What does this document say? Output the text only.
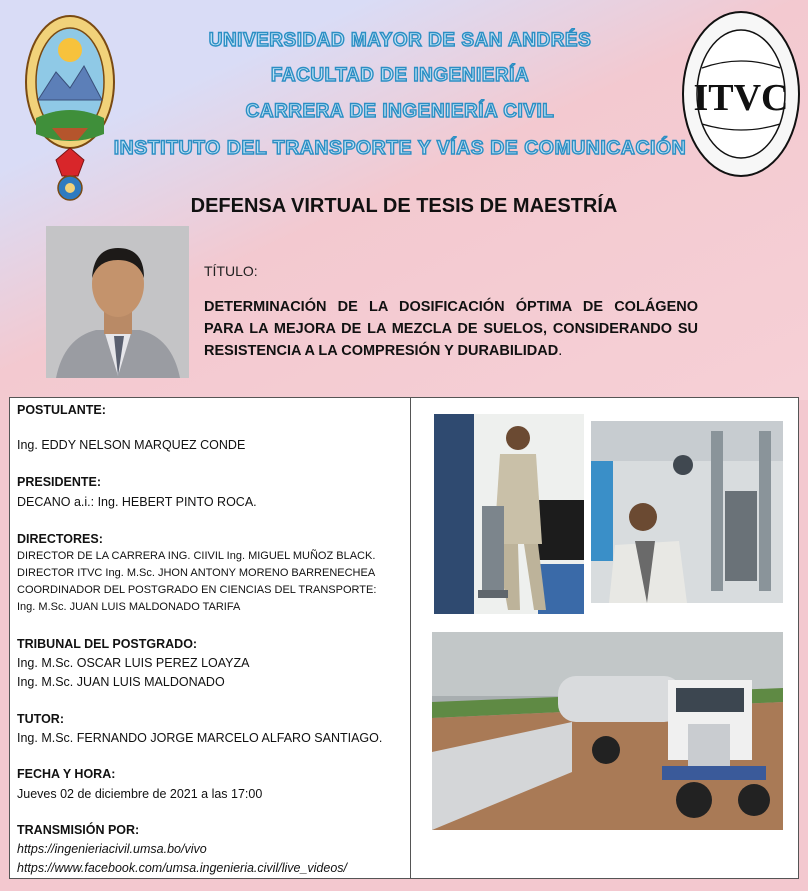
ITVC
UNIVERSIDAD MAYOR DE SAN ANDRÉS
FACULTAD DE INGENIERÍA
CARRERA DE INGENIERÍA CIVIL
INSTITUTO DEL TRANSPORTE Y VÍAS DE COMUNICACIÓN
DEFENSA VIRTUAL DE TESIS DE MAESTRÍA
TÍTULO:
DETERMINACIÓN DE LA DOSIFICACIÓN ÓPTIMA DE COLÁGENO PARA LA MEJORA DE LA MEZCLA DE SUELOS, CONSIDERANDO SU RESISTENCIA A LA COMPRESIÓN Y DURABILIDAD.
POSTULANTE:
Ing. EDDY NELSON MARQUEZ CONDE
PRESIDENTE:
DECANO a.i.: Ing. HEBERT PINTO ROCA.
DIRECTORES:
DIRECTOR DE LA CARRERA ING. CIIVIL Ing. MIGUEL MUÑOZ BLACK.
DIRECTOR ITVC Ing. M.Sc. JHON ANTONY MORENO BARRENECHEA
COORDINADOR DEL POSTGRADO EN CIENCIAS DEL TRANSPORTE:
Ing. M.Sc. JUAN LUIS MALDONADO TARIFA
TRIBUNAL DEL POSTGRADO:
Ing. M.Sc. OSCAR LUIS PEREZ LOAYZA
Ing. M.Sc. JUAN LUIS MALDONADO
TUTOR:
Ing. M.Sc. FERNANDO JORGE MARCELO ALFARO SANTIAGO.
FECHA Y HORA:
Jueves 02 de diciembre de 2021 a las 17:00
TRANSMISIÓN POR:
https://ingenieriacivil.umsa.bo/vivo
https://www.facebook.com/umsa.ingenieria.civil/live_videos/
